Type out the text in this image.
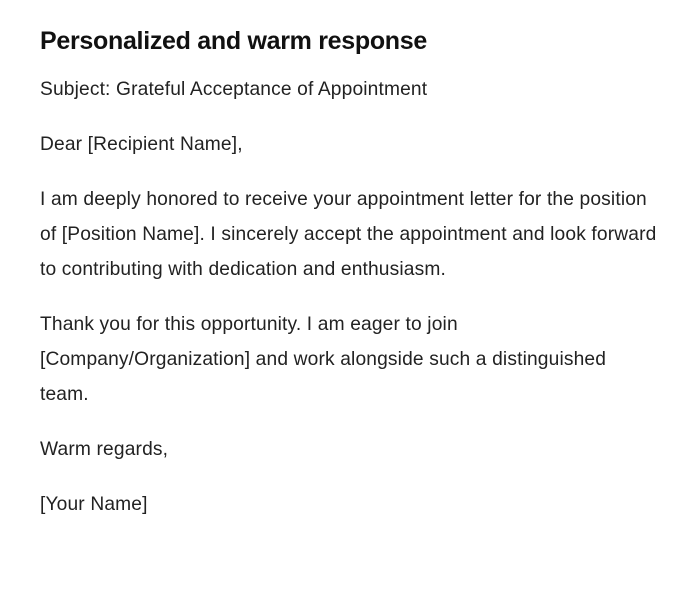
Personalized and warm response

Subject: Grateful Acceptance of Appointment

Dear [Recipient Name],

I am deeply honored to receive your appointment letter for the position of [Position Name]. I sincerely accept the appointment and look forward to contributing with dedication and enthusiasm.

Thank you for this opportunity. I am eager to join [Company/Organization] and work alongside such a distinguished team.

Warm regards,

[Your Name]
